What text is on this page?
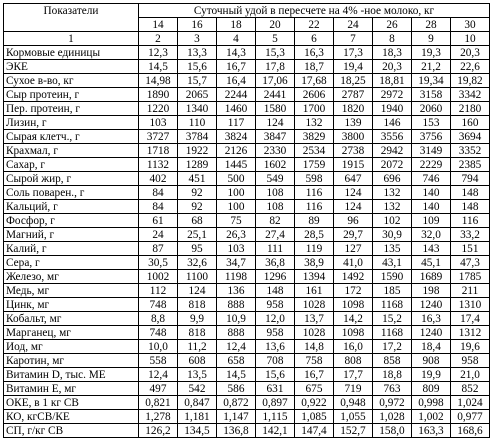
Показатели	Суточный удой в пересчете на 4% -ное молоко, кг								
	14	16	18	20	22	24	26	28	30
1	2	3	4	5	6	7	8	9	10
Кормовые единицы	12,3	13,3	14,3	15,3	16,3	17,3	18,3	19,3	20,3
ЭКЕ	14,5	15,6	16,7	17,8	18,7	19,4	20,3	21,2	22,6
Сухое в-во, кг	14,98	15,7	16,4	17,06	17,68	18,25	18,81	19,34	19,82
Сыр протеин, г	1890	2065	2244	2441	2606	2787	2972	3158	3342
Пер. протеин, г	1220	1340	1460	1580	1700	1820	1940	2060	2180
Лизин, г	103	110	117	124	132	139	146	153	160
Сырая клетч., г	3727	3784	3824	3847	3829	3800	3556	3756	3694
Крахмал, г	1718	1922	2126	2330	2534	2738	2942	3149	3352
Сахар, г	1132	1289	1445	1602	1759	1915	2072	2229	2385
Сырой жир, г	402	451	500	549	598	647	696	746	794
Соль поварен., г	84	92	100	108	116	124	132	140	148
Кальций, г	84	92	100	108	116	124	132	140	148
Фосфор, г	61	68	75	82	89	96	102	109	116
Магний, г	24	25,1	26,3	27,4	28,5	29,7	30,9	32,0	33,2
Калий, г	87	95	103	111	119	127	135	143	151
Сера, г	30,5	32,6	34,7	36,8	38,9	41,0	43,1	45,1	47,3
Железо, мг	1002	1100	1198	1296	1394	1492	1590	1689	1785
Медь, мг	112	124	136	148	161	172	185	198	211
Цинк, мг	748	818	888	958	1028	1098	1168	1240	1310
Кобальт, мг	8,8	9,9	10,9	12,0	13,7	14,2	15,2	16,3	17,4
Марганец, мг	748	818	888	958	1028	1098	1168	1240	1312
Иод, мг	10,0	11,2	12,4	13,6	14,8	16,0	17,2	18,4	19,6
Каротин, мг	558	608	658	708	758	808	858	908	958
Витамин D, тыс. МЕ	12,4	13,5	14,5	15,6	16,7	17,7	18,8	19,9	21,0
Витамин Е, мг	497	542	586	631	675	719	763	809	852
ОКЕ, в 1 кг СВ	0,821	0,847	0,872	0,897	0,922	0,948	0,972	0,998	1,024
КО, кгСВ/КЕ	1,278	1,181	1,147	1,115	1,085	1,055	1,028	1,002	0,977
СП, г/кг СВ	126,2	134,5	136,8	142,1	147,4	152,7	158,0	163,3	168,6
